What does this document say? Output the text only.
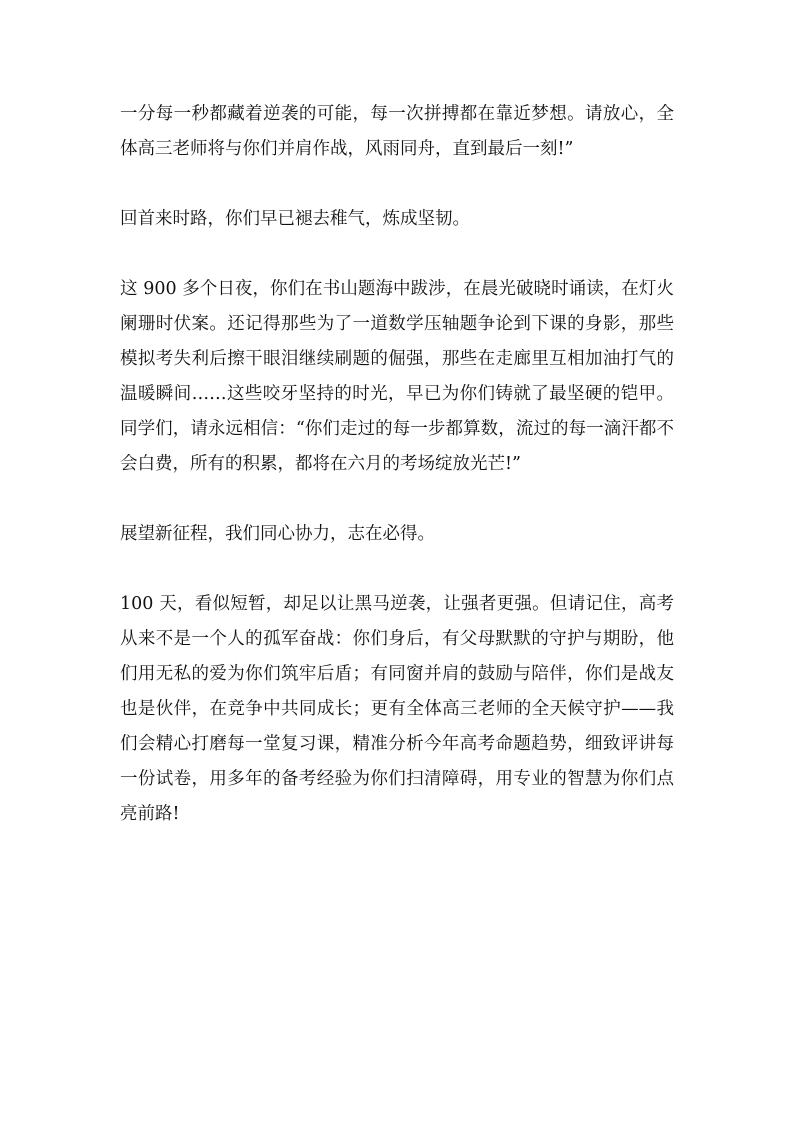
一分每一秒都藏着逆袭的可能，每一次拼搏都在靠近梦想。请放心，全体高三老师将与你们并肩作战，风雨同舟，直到最后一刻!”

回首来时路，你们早已褪去稚气，炼成坚韧。

这 900 多个日夜，你们在书山题海中跋涉，在晨光破晓时诵读，在灯火阑珊时伏案。还记得那些为了一道数学压轴题争论到下课的身影，那些模拟考失利后擦干眼泪继续刷题的倔强，那些在走廊里互相加油打气的温暖瞬间……这些咬牙坚持的时光，早已为你们铸就了最坚硬的铠甲。同学们，请永远相信：“你们走过的每一步都算数，流过的每一滴汗都不会白费，所有的积累，都将在六月的考场绽放光芒!”

展望新征程，我们同心协力，志在必得。

100 天，看似短暂，却足以让黑马逆袭，让强者更强。但请记住，高考从来不是一个人的孤军奋战：你们身后，有父母默默的守护与期盼，他们用无私的爱为你们筑牢后盾；有同窗并肩的鼓励与陪伴，你们是战友也是伙伴，在竞争中共同成长；更有全体高三老师的全天候守护——我们会精心打磨每一堂复习课，精准分析今年高考命题趋势，细致评讲每一份试卷，用多年的备考经验为你们扫清障碍，用专业的智慧为你们点亮前路!
